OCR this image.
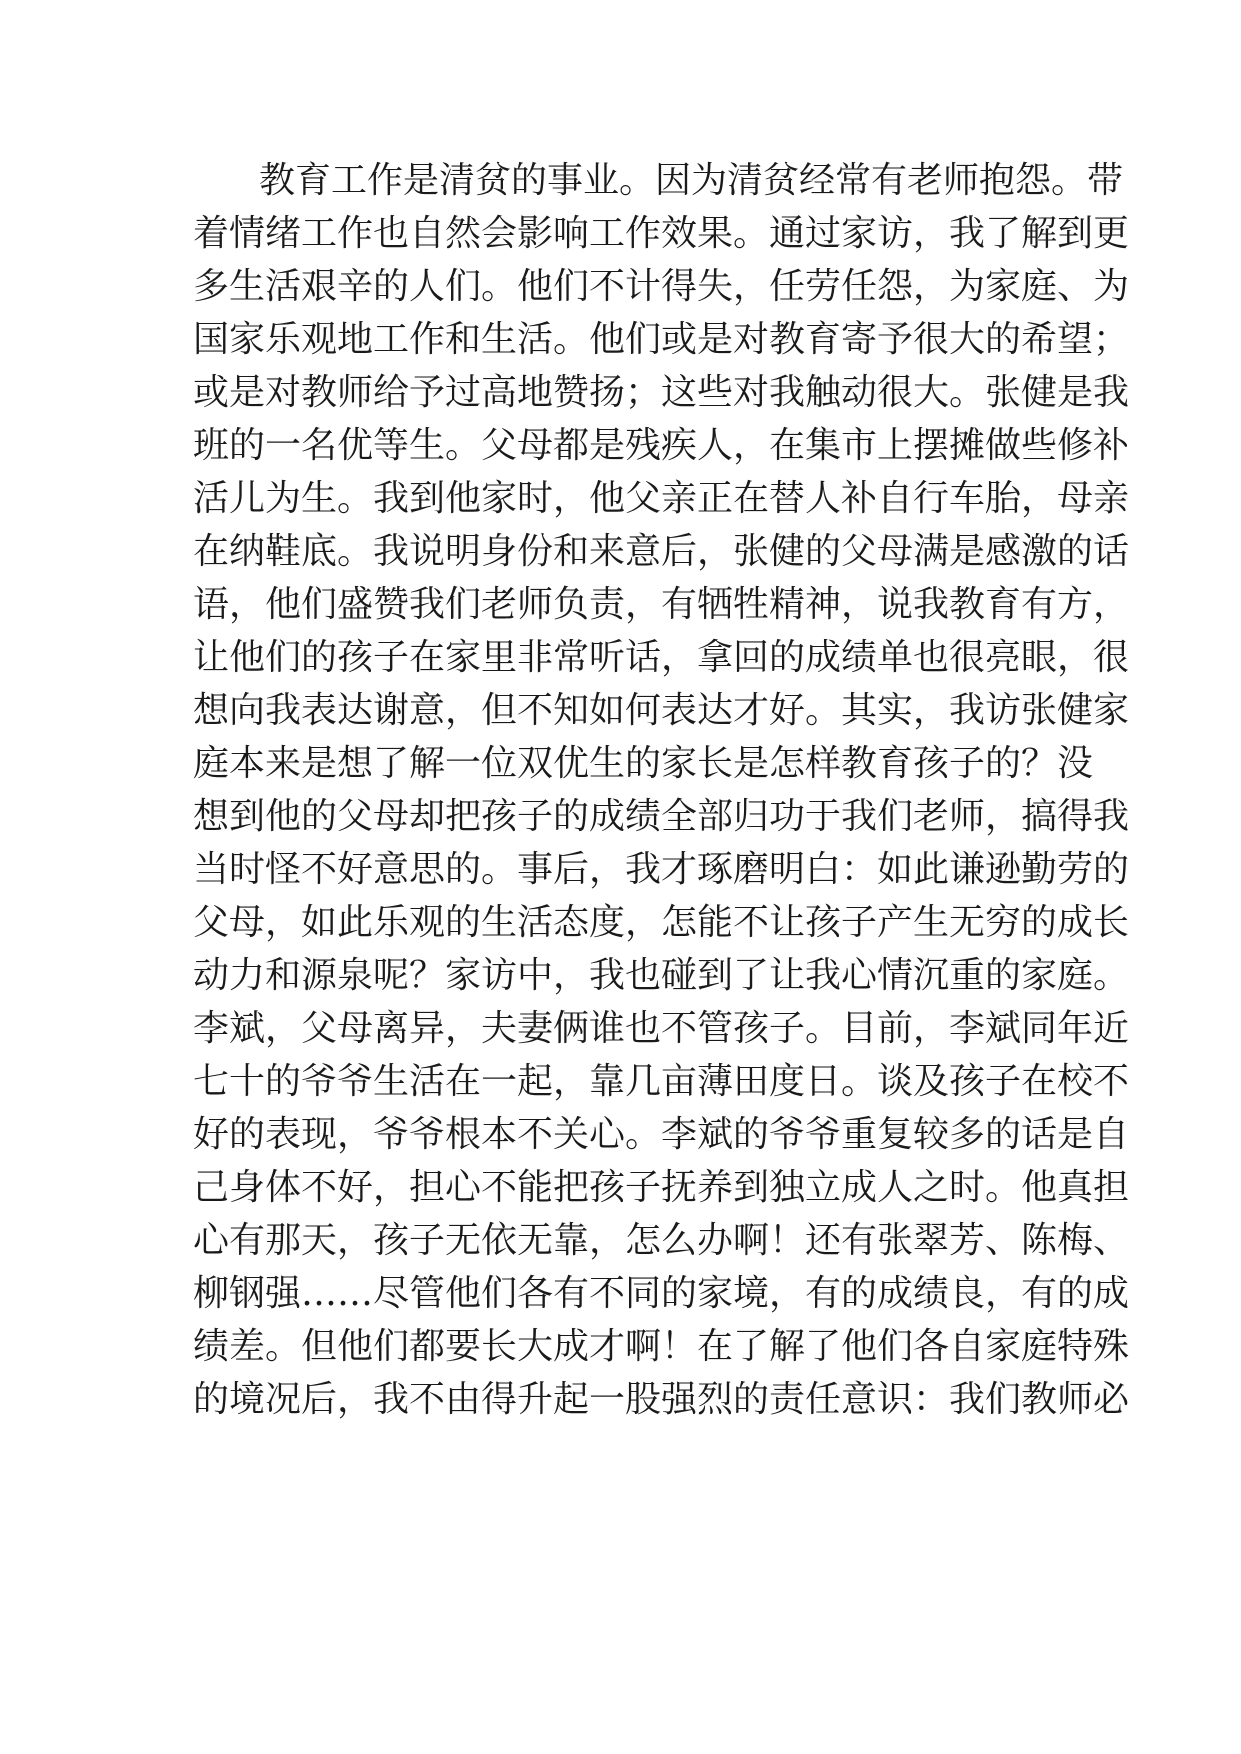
教育工作是清贫的事业。因为清贫经常有老师抱怨。带
着情绪工作也自然会影响工作效果。通过家访，我了解到更
多生活艰辛的人们。他们不计得失，任劳任怨，为家庭、为
国家乐观地工作和生活。他们或是对教育寄予很大的希望；
或是对教师给予过高地赞扬；这些对我触动很大。张健是我
班的一名优等生。父母都是残疾人，在集市上摆摊做些修补
活儿为生。我到他家时，他父亲正在替人补自行车胎，母亲
在纳鞋底。我说明身份和来意后，张健的父母满是感激的话
语，他们盛赞我们老师负责，有牺牲精神，说我教育有方，
让他们的孩子在家里非常听话，拿回的成绩单也很亮眼，很
想向我表达谢意，但不知如何表达才好。其实，我访张健家
庭本来是想了解一位双优生的家长是怎样教育孩子的？没
想到他的父母却把孩子的成绩全部归功于我们老师，搞得我
当时怪不好意思的。事后，我才琢磨明白：如此谦逊勤劳的
父母，如此乐观的生活态度，怎能不让孩子产生无穷的成长
动力和源泉呢？家访中，我也碰到了让我心情沉重的家庭。
李斌，父母离异，夫妻俩谁也不管孩子。目前，李斌同年近
七十的爷爷生活在一起，靠几亩薄田度日。谈及孩子在校不
好的表现，爷爷根本不关心。李斌的爷爷重复较多的话是自
己身体不好，担心不能把孩子抚养到独立成人之时。他真担
心有那天，孩子无依无靠，怎么办啊！还有张翠芳、陈梅、
柳钢强……尽管他们各有不同的家境，有的成绩良，有的成
绩差。但他们都要长大成才啊！在了解了他们各自家庭特殊
的境况后，我不由得升起一股强烈的责任意识：我们教师必
